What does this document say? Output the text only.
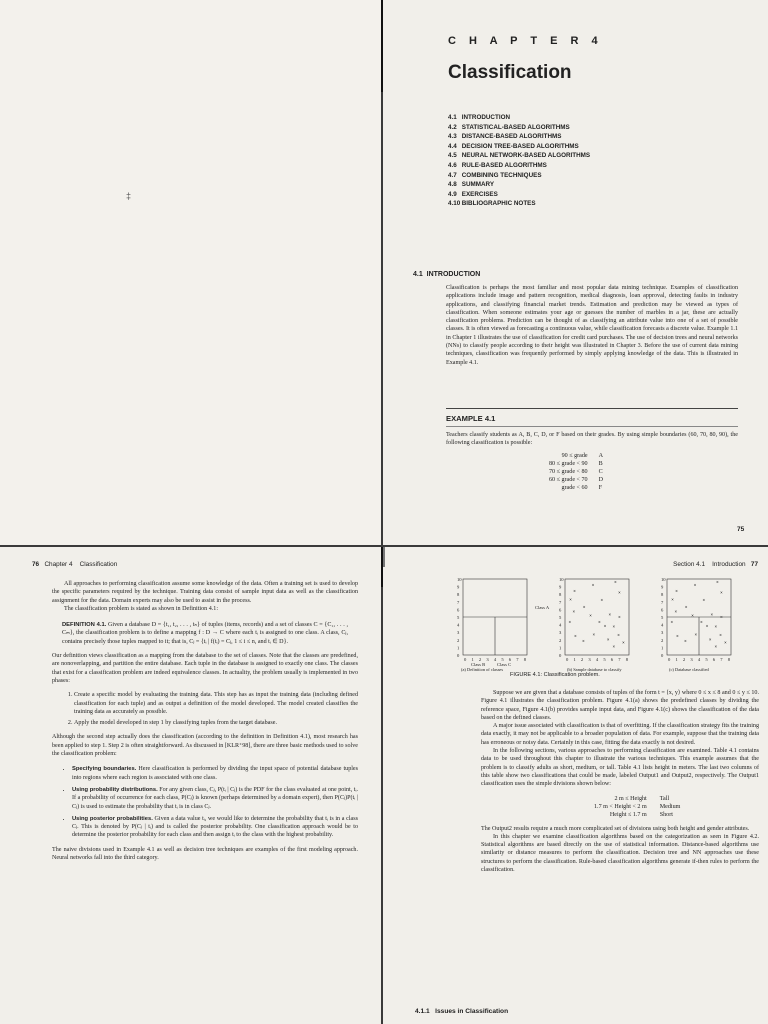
‡
C H A P T E R 4
Classification
4.1 INTRODUCTION
4.2 STATISTICAL-BASED ALGORITHMS
4.3 DISTANCE-BASED ALGORITHMS
4.4 DECISION TREE-BASED ALGORITHMS
4.5 NEURAL NETWORK-BASED ALGORITHMS
4.6 RULE-BASED ALGORITHMS
4.7 COMBINING TECHNIQUES
4.8 SUMMARY
4.9 EXERCISES
4.10 BIBLIOGRAPHIC NOTES
4.1 INTRODUCTION
Classification is perhaps the most familiar and most popular data mining technique. Examples of classification applications include image and pattern recognition, medical diagnosis, loan approval, detecting faults in industry applications, and classifying financial market trends. Estimation and prediction may be viewed as types of classification. When someone estimates your age or guesses the number of marbles in a jar, these are actually classification problems. Prediction can be thought of as classifying an attribute value into one of a set of possible classes. It is often viewed as forecasting a continuous value, while classification forecasts a discrete value. Example 1.1 in Chapter 1 illustrates the use of classification for credit card purchases. The use of decision trees and neural networks (NNs) to classify people according to their height was illustrated in Chapter 3. Before the use of current data mining techniques, classification was frequently performed by simply applying knowledge of the data. This is illustrated in Example 4.1.
EXAMPLE 4.1
Teachers classify students as A, B, C, D, or F based on their grades. By using simple boundaries (60, 70, 80, 90), the following classification is possible:
90 ≤ grade	A
80 ≤ grade < 90	B
70 ≤ grade < 80	C
60 ≤ grade < 70	D
grade < 60	F
75
76 Chapter 4 Classification

All approaches to performing classification assume some knowledge of the data. Often a training set is used to develop the specific parameters required by the technique. Training data consist of sample input data as well as the classification assignment for the data. Domain experts may also be used to assist in the process.

The classification problem is stated as shown in Definition 4.1:

DEFINITION 4.1. Given a database D = {t₁, t₂, . . . , tₙ} of tuples (items, records) and a set of classes C = {C₁, . . . , Cₘ}, the classification problem is to define a mapping f : D → C where each tᵢ is assigned to one class. A class, Cⱼ, contains precisely those tuples mapped to it; that is, Cⱼ = {tᵢ | f(tᵢ) = Cⱼ, 1 ≤ i ≤ n, and tᵢ ∈ D}.

Our definition views classification as a mapping from the database to the set of classes. Note that the classes are predefined, are nonoverlapping, and partition the entire database. Each tuple in the database is assigned to exactly one class. The classes that exist for a classification problem are indeed equivalence classes. In actuality, the problem usually is implemented in two phases:

1. Create a specific model by evaluating the training data. This step has as input the training data (including defined classification for each tuple) and as output a definition of the model developed. The model created classifies the training data as accurately as possible.
2. Apply the model developed in step 1 by classifying tuples from the target database.

Although the second step actually does the classification (according to the definition in Definition 4.1), most research has been applied to step 1. Step 2 is often straightforward. As discussed in [KLR⁺98], there are three basic methods used to solve the classification problem:

• Specifying boundaries. Here classification is performed by dividing the input space of potential database tuples into regions where each region is associated with one class.
• Using probability distributions. For any given class, Cⱼ, P(tᵢ | Cⱼ) is the PDF for the class evaluated at one point, tᵢ. If a probability of occurrence for each class, P(Cⱼ) is known (perhaps determined by a domain expert), then P(Cⱼ)P(tᵢ | Cⱼ) is used to estimate the probability that tᵢ is in class Cⱼ.
• Using posterior probabilities. Given a data value tᵢ, we would like to determine the probability that tᵢ is in a class Cⱼ. This is denoted by P(Cⱼ | tᵢ) and is called the posterior probability. One classification approach would be to determine the posterior probability for each class and then assign tᵢ to the class with the highest probability.

The naive divisions used in Example 4.1 as well as decision tree techniques are examples of the first modeling approach. Neural networks fall into the third category.

Section 4.1 Introduction 77
10
9
8
7
6
5
4
3
2
1
0
0 1 2 3 4 5 6 7 8
(a) Definition of classes
10
9
8
7
6
5
4
3
2
1
0
0 1 2 3 4 5 6 7 8
×
×
×	×
×
×
×
×
×	× ×
×	×
× ×
×
×	×
×
×	×
×
(b) Sample database to classify
10
9
8
7
6
5
4
3
2
1
0
0 1 2 3 4 5 6 7 8
×
×
×	×
×
×
×
×
×	× ×
×	×
× ×
×
×	×
×
×	×
×
(c) Database classified
Class A
Class B	Class C
FIGURE 4.1: Classification problem.

Suppose we are given that a database consists of tuples of the form t = ⟨x, y⟩ where 0 ≤ x ≤ 8 and 0 ≤ y ≤ 10. Figure 4.1 illustrates the classification problem. Figure 4.1(a) shows the predefined classes by dividing the reference space, Figure 4.1(b) provides sample input data, and Figure 4.1(c) shows the classification of the data based on the defined classes.

A major issue associated with classification is that of overfitting. If the classification strategy fits the training data exactly, it may not be applicable to a broader population of data. For example, suppose that the training data has erroneous or noisy data. Certainly in this case, fitting the data exactly is not desired.

In the following sections, various approaches to performing classification are examined. Table 4.1 contains data to be used throughout this chapter to illustrate the various techniques. This example assumes that the problem is to classify adults as short, medium, or tall. Table 4.1 lists height in meters. The last two columns of this table show two classifications that could be made, labeled Output1 and Output2, respectively. The Output1 classification uses the simple divisions shown below:

2 m ≤ Height	Tall
1.7 m < Height < 2 m	Medium
Height ≤ 1.7 m	Short

The Output2 results require a much more complicated set of divisions using both height and gender attributes.

In this chapter we examine classification algorithms based on the categorization as seen in Figure 4.2. Statistical algorithms are based directly on the use of statistical information. Distance-based algorithms use similarity or distance measures to perform the classification. Decision tree and NN approaches use these structures to perform the classification. Rule-based classification algorithms generate if-then rules to perform the classification.

4.1.1 Issues in Classification
